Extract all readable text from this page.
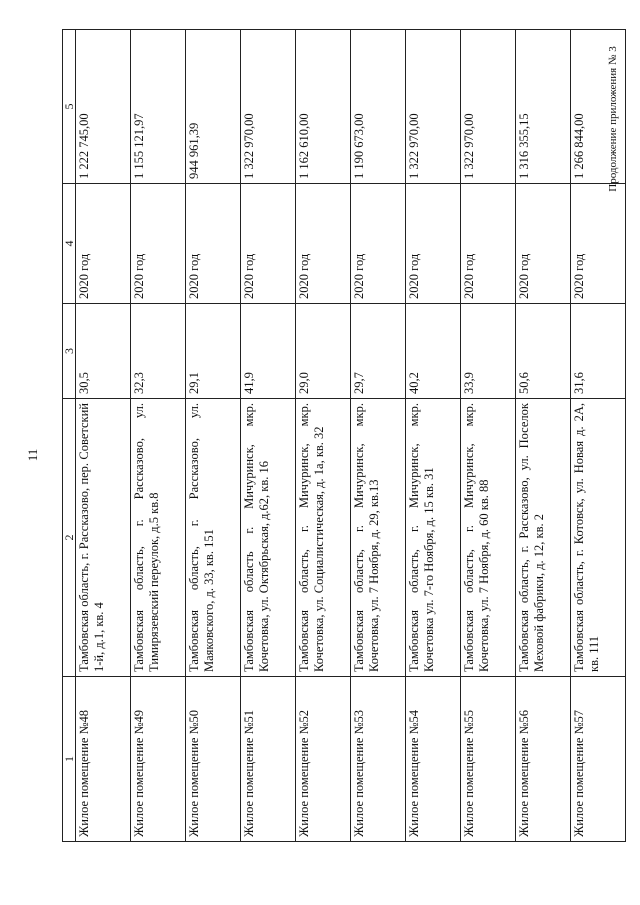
11
Продолжение приложения № 3
1	2	3	4	5
Жилое помещение №48	Тамбовская область, г. Рассказово, пер. Советский 1-й, д.1, кв. 4	30,5	2020 год	1 222 745,00
Жилое помещение №49	Тамбовская область, г. Рассказово, ул. Тимирязевский переулок, д.5 кв.8	32,3	2020 год	1 155 121,97
Жилое помещение №50	Тамбовская область, г. Рассказово, ул. Маяковского, д. 33, кв. 151	29,1	2020 год	944 961,39
Жилое помещение №51	Тамбовская область г. Мичуринск, мкр. Кочетовка, ул. Октябрьская, д.62, кв. 16	41,9	2020 год	1 322 970,00
Жилое помещение №52	Тамбовская область, г. Мичуринск, мкр. Кочетовка, ул. Социалистическая, д. 1а, кв. 32	29,0	2020 год	1 162 610,00
Жилое помещение №53	Тамбовская область, г. Мичуринск, мкр. Кочетовка, ул. 7 Ноября, д. 29, кв.13	29,7	2020 год	1 190 673,00
Жилое помещение №54	Тамбовская область, г. Мичуринск, мкр. Кочетовка ул. 7-го Ноября, д. 15 кв. 31	40,2	2020 год	1 322 970,00
Жилое помещение №55	Тамбовская область, г. Мичуринск, мкр. Кочетовка, ул. 7 Ноября, д. 60 кв. 88	33,9	2020 год	1 322 970,00
Жилое помещение №56	Тамбовская область, г. Рассказово, ул. Поселок Меховой фабрики, д. 12, кв. 2	50,6	2020 год	1 316 355,15
Жилое помещение №57	Тамбовская область, г. Котовск, ул. Новая д. 2А, кв. 111	31,6	2020 год	1 266 844,00
